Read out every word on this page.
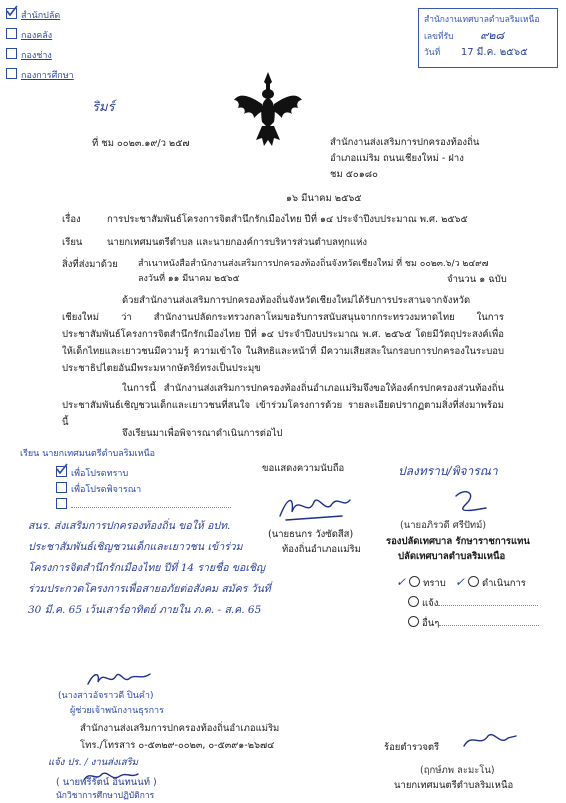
สำนักปลัด
กองคลัง
กองช่าง
กองการศึกษา
สำนักงานเทศบาลตำบลริมเหนือ
เลขที่รับ ๙๒๘
วันที่ 17 มี.ค. ๒๕๖๕
ริมร์
ที่ ชม ๐๐๒๓.๑๙/ว ๒๕๗	สำนักงานส่งเสริมการปกครองท้องถิ่น
อำเภอแม่ริม ถนนเชียงใหม่ - ฝาง
ชม ๕๐๑๘๐
๑๖ มีนาคม ๒๕๖๕
เรื่อง	การประชาสัมพันธ์โครงการจิตสำนึกรักเมืองไทย ปีที่ ๑๔ ประจำปีงบประมาณ พ.ศ. ๒๕๖๕
เรียน	นายกเทศมนตรีตำบล และนายกองค์การบริหารส่วนตำบลทุกแห่ง
สิ่งที่ส่งมาด้วย สำเนาหนังสือสำนักงานส่งเสริมการปกครองท้องถิ่นจังหวัดเชียงใหม่ ที่ ชม ๐๐๒๓.๖/ว ๒๔๙๗
ลงวันที่ ๑๑ มีนาคม ๒๕๖๕	จำนวน ๑ ฉบับ
ด้วยสำนักงานส่งเสริมการปกครองท้องถิ่นจังหวัดเชียงใหม่ได้รับการประสานจากจังหวัดเชียงใหม่ ว่า สำนักงานปลัดกระทรวงกลาโหมขอรับการสนับสนุนจากกระทรวงมหาดไทย ในการประชาสัมพันธ์โครงการจิตสำนึกรักเมืองไทย ปีที่ ๑๔ ประจำปีงบประมาณ พ.ศ. ๒๕๖๕ โดยมีวัตถุประสงค์เพื่อให้เด็กไทยและเยาวชนมีความรู้ ความเข้าใจ ในสิทธิและหน้าที่ มีความเสียสละในกรอบการปกครองในระบอบประชาธิปไตยอันมีพระมหากษัตริย์ทรงเป็นประมุข
ในการนี้ สำนักงานส่งเสริมการปกครองท้องถิ่นอำเภอแม่ริมจึงขอให้องค์กรปกครองส่วนท้องถิ่นประชาสัมพันธ์เชิญชวนเด็กและเยาวชนที่สนใจ เข้าร่วมโครงการด้วย รายละเอียดปรากฏตามสิ่งที่ส่งมาพร้อมนี้
จึงเรียนมาเพื่อพิจารณาดำเนินการต่อไป
เรียน นายกเทศมนตรีตำบลริมเหนือ
เพื่อโปรดทราบ
เพื่อโปรดพิจารณา
สนร. ส่งเสริมการปกครองท้องถิ่น ขอให้ อปท. ประชาสัมพันธ์เชิญชวนเด็กและเยาวชน เข้าร่วมโครงการจิตสำนึกรักเมืองไทย ปีที่ 14 รายชื่อ ขอเชิญ ร่วมประกวดโครงการเพื่อสายอภัยต่อสังคม สมัคร วันที่ 30 มี.ค. 65 เว้นเสาร์อาทิตย์ ภายใน ภ.ค. - ส.ค. 65
(นางสาวอัจราวดี ปินคำ)
ผู้ช่วยเจ้าพนักงานธุรการ
สำนักงานส่งเสริมการปกครองท้องถิ่นอำเภอแม่ริม
โทร./โทรสาร ๐-๕๓๒๙-๐๐๒๓, ๐-๕๓๙๑-๒๖๗๔
แจ้ง ปร. / งานส่งเสริม
( นายพรีรัตน์ อินทนนท์ )
นักวิชาการศึกษาปฏิบัติการ
ขอแสดงความนับถือ
(นายธนกร วังซัดสีส)
ท้องถิ่นอำเภอแม่ริม
ปลงทราบ/พิจารณา
(นายอภิรวดี ศรีปัทม์)
รองปลัดเทศบาล รักษาราชการแทน
ปลัดเทศบาลตำบลริมเหนือ
✓ ทราบ ✓ ดำเนินการ
แจ้ง
อื่นๆ
ร้อยตำรวจตรี
(ฤกษ์ภพ ละมะโน)
นายกเทศมนตรีตำบลริมเหนือ
